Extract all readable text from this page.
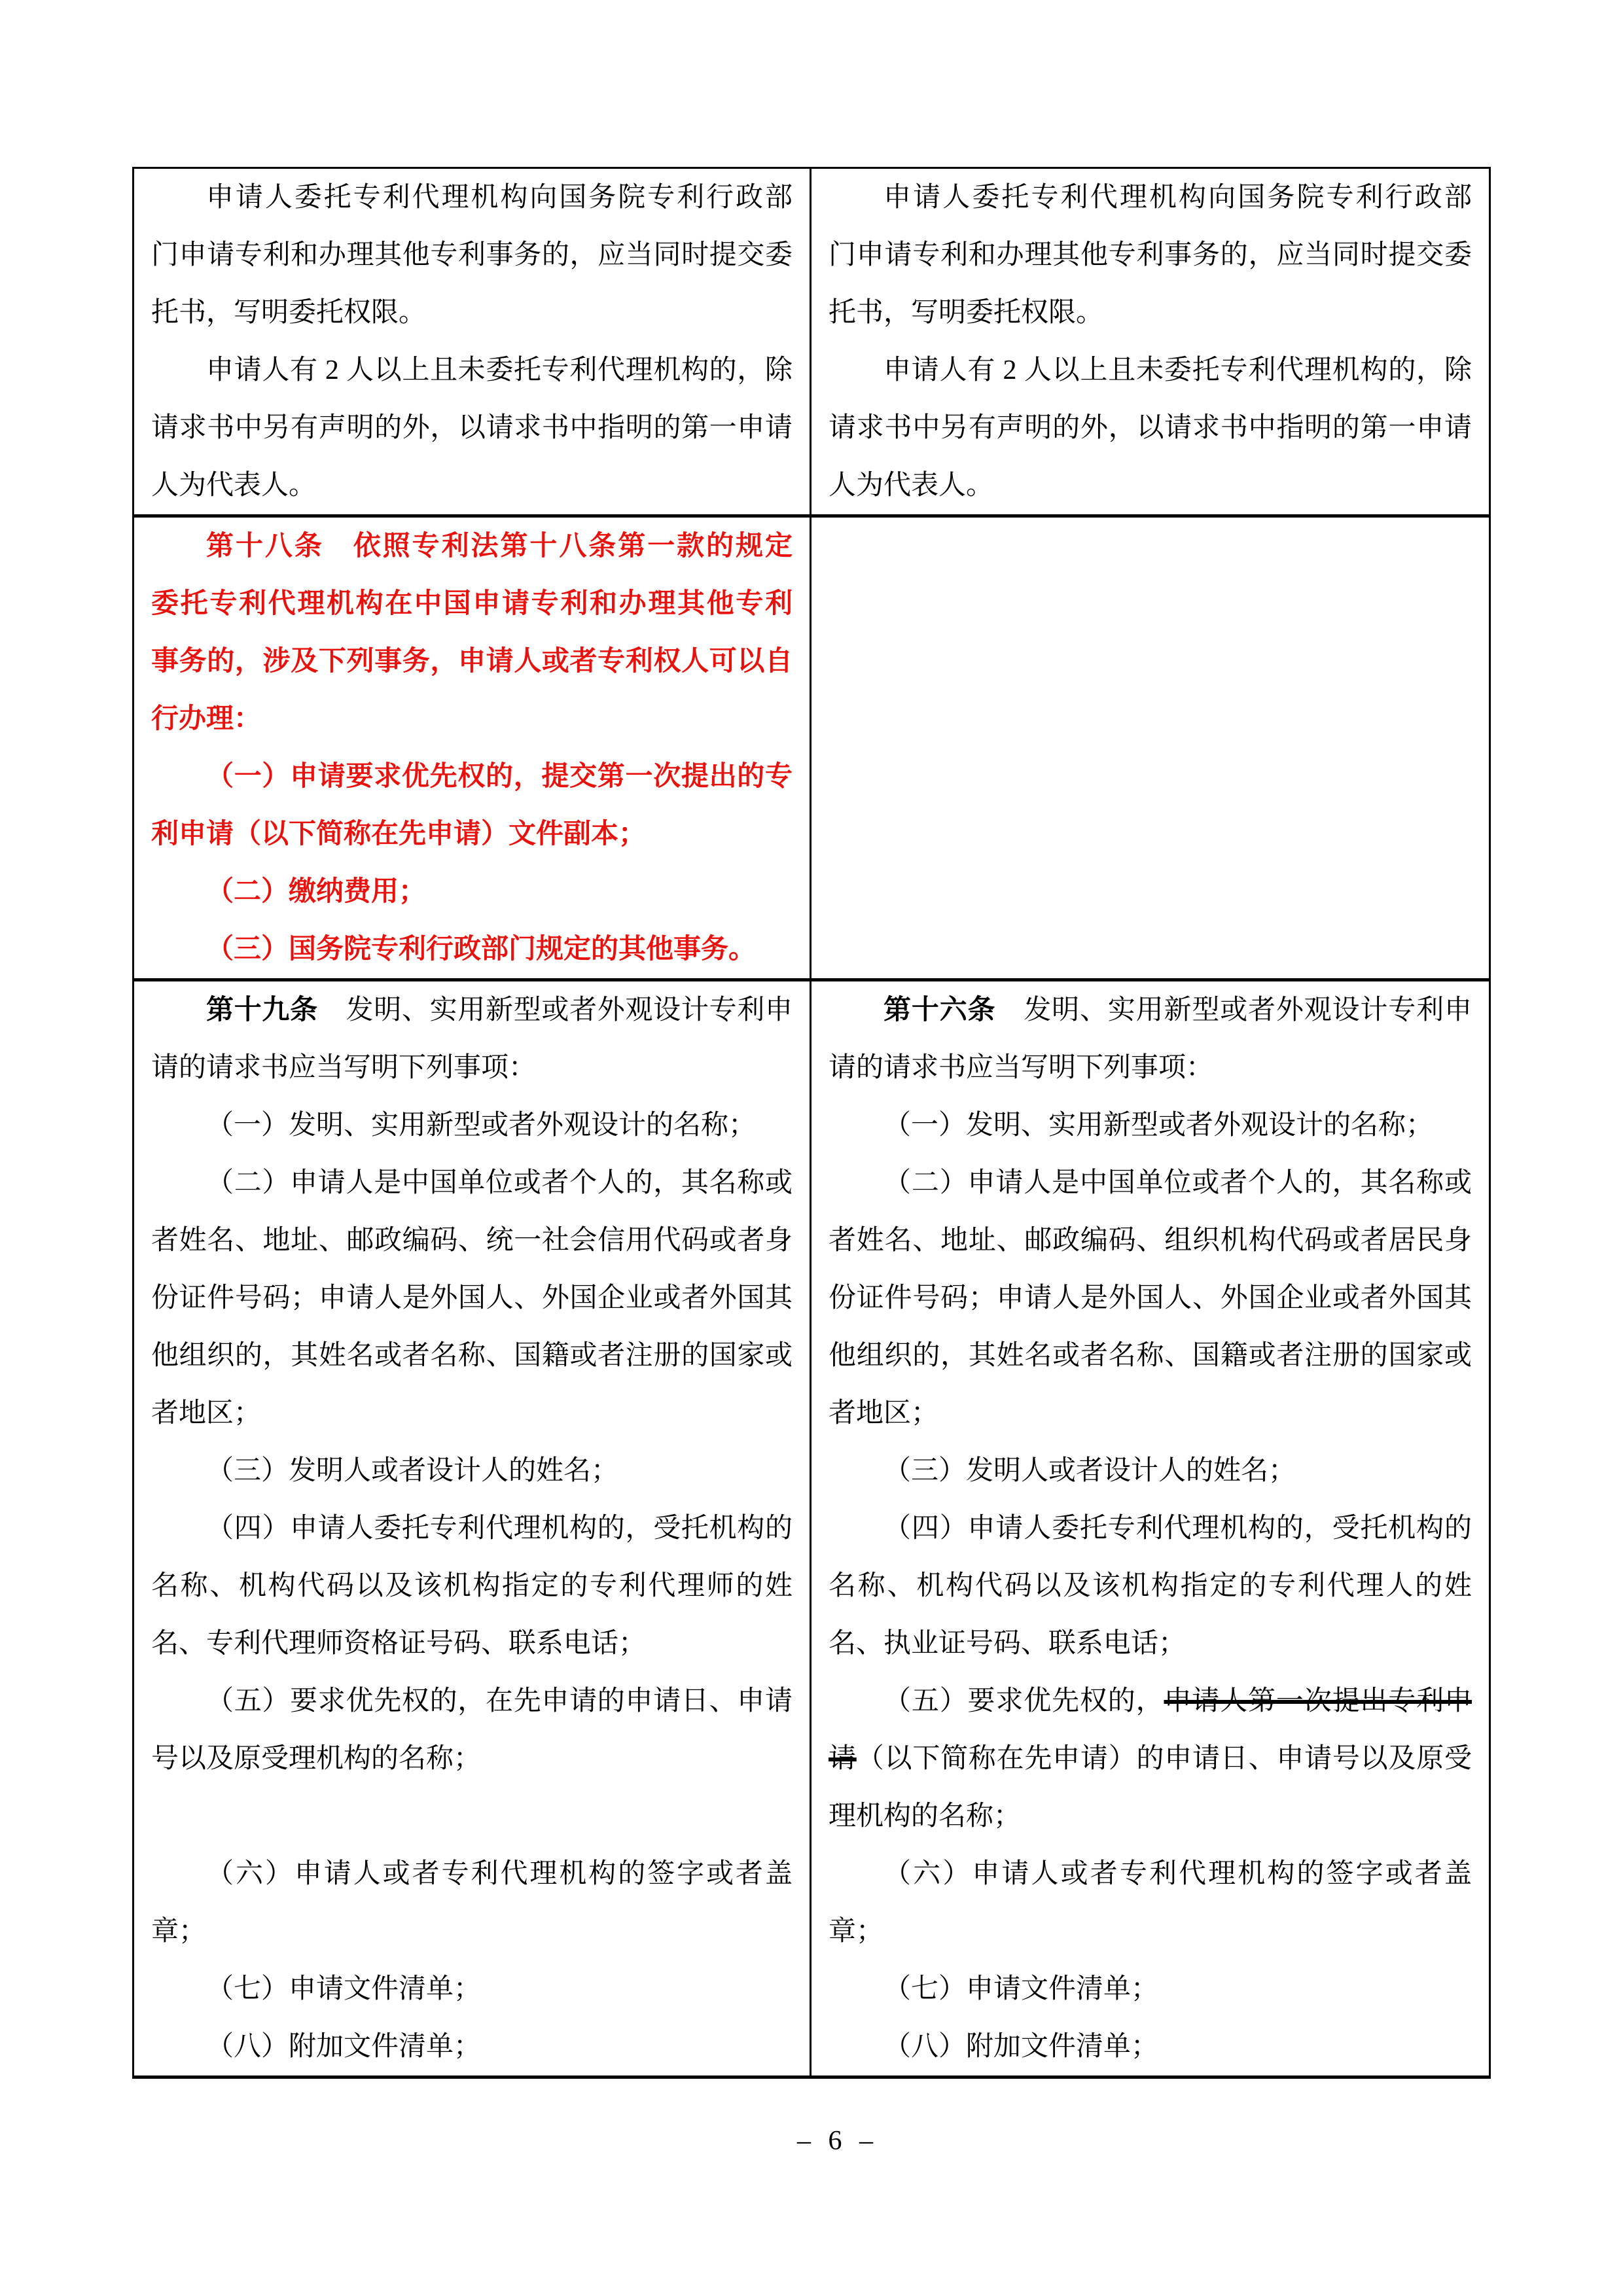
申请人委托专利代理机构向国务院专利行政部
门申请专利和办理其他专利事务的，应当同时提交委
托书，写明委托权限。
申请人有 2 人以上且未委托专利代理机构的，除
请求书中另有声明的外，以请求书中指明的第一申请
人为代表人。
申请人委托专利代理机构向国务院专利行政部
门申请专利和办理其他专利事务的，应当同时提交委
托书，写明委托权限。
申请人有 2 人以上且未委托专利代理机构的，除
请求书中另有声明的外，以请求书中指明的第一申请
人为代表人。
第十八条　依照专利法第十八条第一款的规定
委托专利代理机构在中国申请专利和办理其他专利
事务的，涉及下列事务，申请人或者专利权人可以自
行办理：
（一）申请要求优先权的，提交第一次提出的专
利申请（以下简称在先申请）文件副本；
（二）缴纳费用；
（三）国务院专利行政部门规定的其他事务。
第十九条　发明、实用新型或者外观设计专利申
请的请求书应当写明下列事项：
（一）发明、实用新型或者外观设计的名称；
（二）申请人是中国单位或者个人的，其名称或
者姓名、地址、邮政编码、统一社会信用代码或者身
份证件号码；申请人是外国人、外国企业或者外国其
他组织的，其姓名或者名称、国籍或者注册的国家或
者地区；
（三）发明人或者设计人的姓名；
（四）申请人委托专利代理机构的，受托机构的
名称、机构代码以及该机构指定的专利代理师的姓
名、专利代理师资格证号码、联系电话；
（五）要求优先权的，在先申请的申请日、申请
号以及原受理机构的名称；

（六）申请人或者专利代理机构的签字或者盖
章；
（七）申请文件清单；
（八）附加文件清单；
第十六条　发明、实用新型或者外观设计专利申
请的请求书应当写明下列事项：
（一）发明、实用新型或者外观设计的名称；
（二）申请人是中国单位或者个人的，其名称或
者姓名、地址、邮政编码、组织机构代码或者居民身
份证件号码；申请人是外国人、外国企业或者外国其
他组织的，其姓名或者名称、国籍或者注册的国家或
者地区；
（三）发明人或者设计人的姓名；
（四）申请人委托专利代理机构的，受托机构的
名称、机构代码以及该机构指定的专利代理人的姓
名、执业证号码、联系电话；
（五）要求优先权的，申请人第一次提出专利申
请（以下简称在先申请）的申请日、申请号以及原受
理机构的名称；
（六）申请人或者专利代理机构的签字或者盖
章；
（七）申请文件清单；
（八）附加文件清单；
– 6 –
